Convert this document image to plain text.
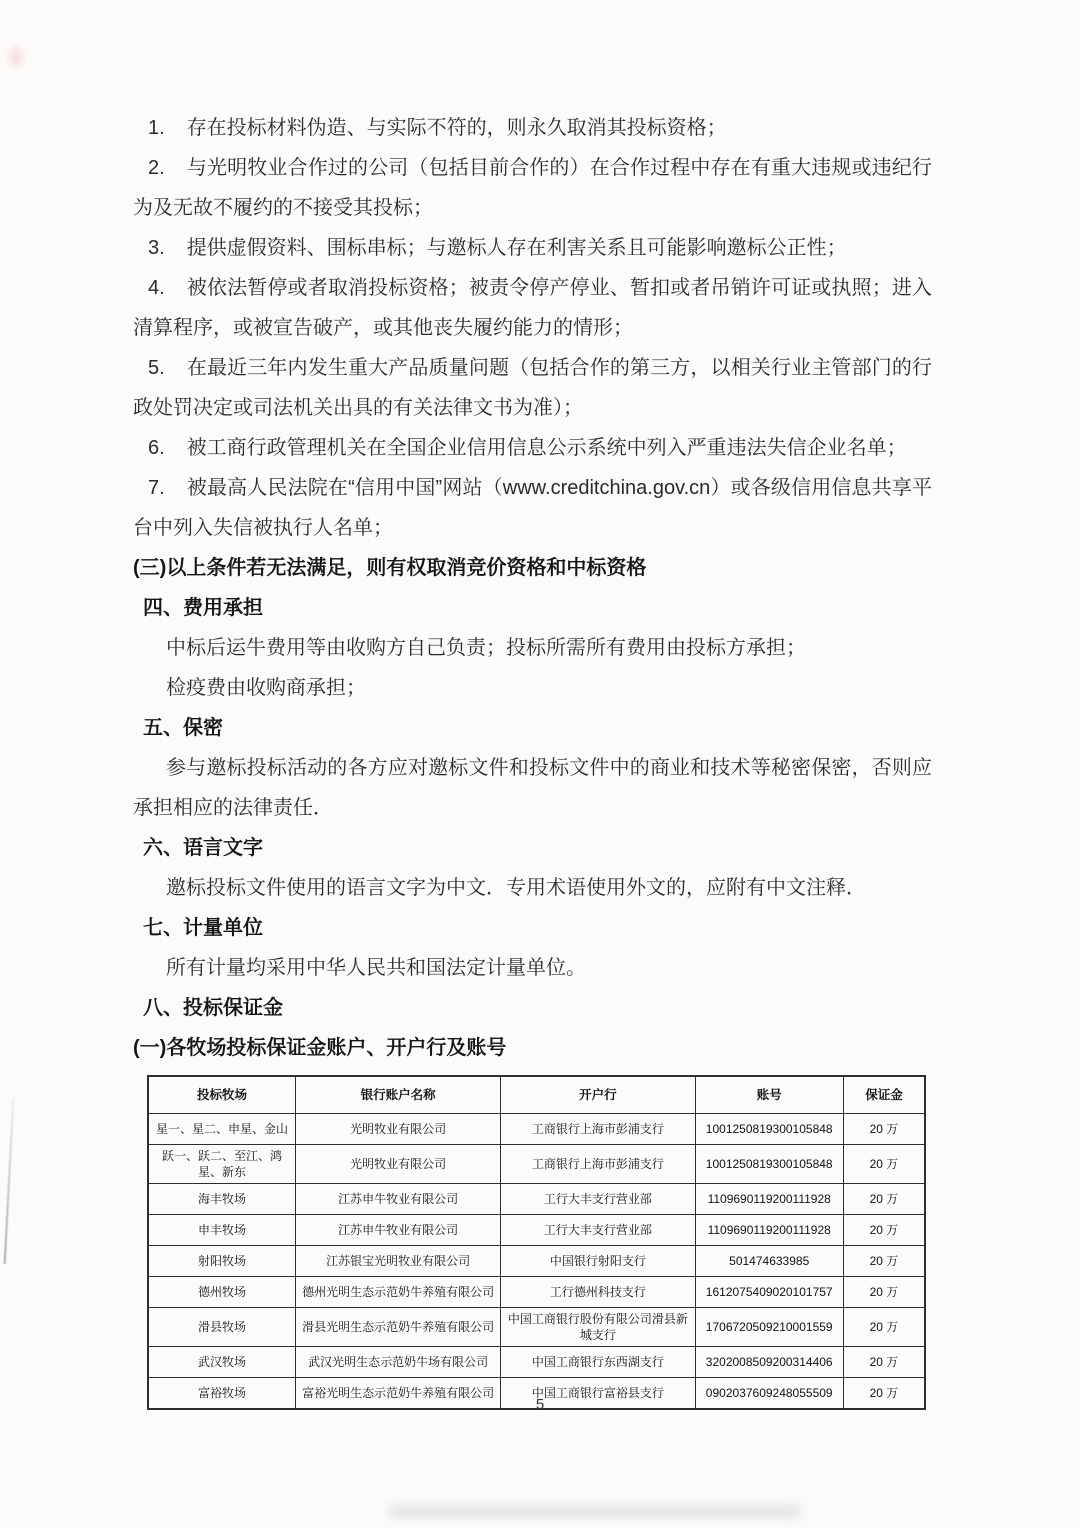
1. 存在投标材料伪造、与实际不符的，则永久取消其投标资格；

2. 与光明牧业合作过的公司（包括目前合作的）在合作过程中存在有重大违规或违纪行为及无故不履约的不接受其投标；

3. 提供虚假资料、围标串标；与邀标人存在利害关系且可能影响邀标公正性；

4. 被依法暂停或者取消投标资格；被责令停产停业、暂扣或者吊销许可证或执照；进入清算程序，或被宣告破产，或其他丧失履约能力的情形；

5. 在最近三年内发生重大产品质量问题（包括合作的第三方，以相关行业主管部门的行政处罚决定或司法机关出具的有关法律文书为准）；

6. 被工商行政管理机关在全国企业信用信息公示系统中列入严重违法失信企业名单；

7. 被最高人民法院在“信用中国”网站（www.creditchina.gov.cn）或各级信用信息共享平台中列入失信被执行人名单；

(三)以上条件若无法满足，则有权取消竞价资格和中标资格

四、费用承担

中标后运牛费用等由收购方自己负责；投标所需所有费用由投标方承担；

检疫费由收购商承担；

五、保密

参与邀标投标活动的各方应对邀标文件和投标文件中的商业和技术等秘密保密，否则应承担相应的法律责任．

六、语言文字

邀标投标文件使用的语言文字为中文．专用术语使用外文的，应附有中文注释．

七、计量单位

所有计量均采用中华人民共和国法定计量单位。

八、投标保证金

(一)各牧场投标保证金账户、开户行及账号

投标牧场	银行账户名称	开户行	账号	保证金
星一、星二、申星、金山	光明牧业有限公司	工商银行上海市彭浦支行	1001250819300105848	20 万
跃一、跃二、至江、鸿星、新东	光明牧业有限公司	工商银行上海市彭浦支行	1001250819300105848	20 万
海丰牧场	江苏申牛牧业有限公司	工行大丰支行营业部	1109690119200111928	20 万
申丰牧场	江苏申牛牧业有限公司	工行大丰支行营业部	1109690119200111928	20 万
射阳牧场	江苏银宝光明牧业有限公司	中国银行射阳支行	501474633985	20 万
德州牧场	德州光明生态示范奶牛养殖有限公司	工行德州科技支行	1612075409020101757	20 万
滑县牧场	滑县光明生态示范奶牛养殖有限公司	中国工商银行股份有限公司滑县新城支行	1706720509210001559	20 万
武汉牧场	武汉光明生态示范奶牛场有限公司	中国工商银行东西湖支行	3202008509200314406	20 万
富裕牧场	富裕光明生态示范奶牛养殖有限公司	中国工商银行富裕县支行	0902037609248055509	20 万
5
